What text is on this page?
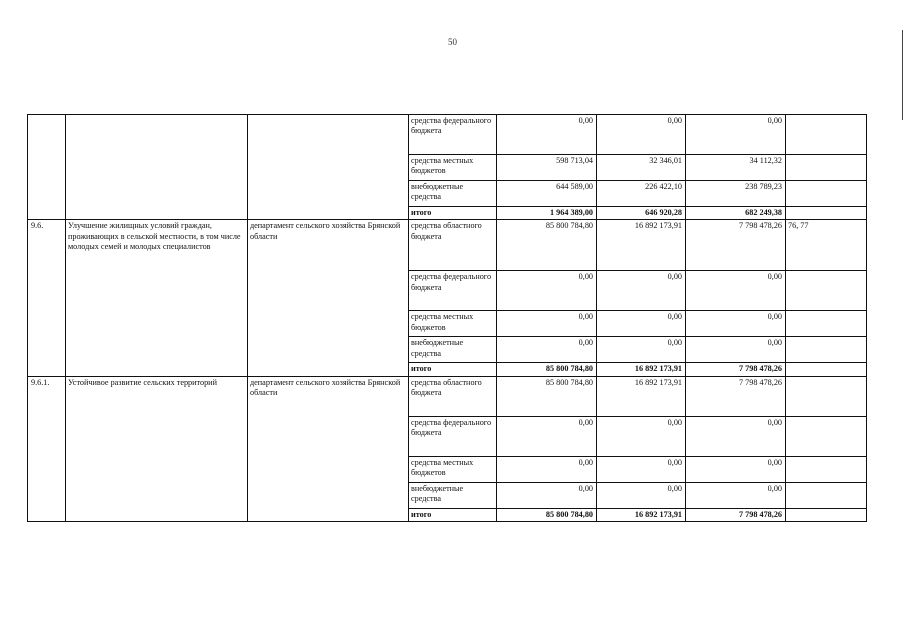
50
			средства федерального бюджета	0,00	0,00	0,00	
			средства местных бюджетов	598 713,04	32 346,01	34 112,32	
			внебюджетные средства	644 589,00	226 422,10	238 789,23	
			итого	1 964 389,00	646 920,28	682 249,38	
9.6.	Улучшение жилищных условий граждан, проживающих в сельской местности, в том числе молодых семей и молодых специалистов	департамент сельского хозяйства Брянской области	средства областного бюджета	85 800 784,80	16 892 173,91	7 798 478,26	76, 77
			средства федерального бюджета	0,00	0,00	0,00	
			средства местных бюджетов	0,00	0,00	0,00	
			внебюджетные средства	0,00	0,00	0,00	
			итого	85 800 784,80	16 892 173,91	7 798 478,26	
9.6.1.	Устойчивое развитие сельских территорий	департамент сельского хозяйства Брянской области	средства областного бюджета	85 800 784,80	16 892 173,91	7 798 478,26	
			средства федерального бюджета	0,00	0,00	0,00	
			средства местных бюджетов	0,00	0,00	0,00	
			внебюджетные средства	0,00	0,00	0,00	
			итого	85 800 784,80	16 892 173,91	7 798 478,26	
